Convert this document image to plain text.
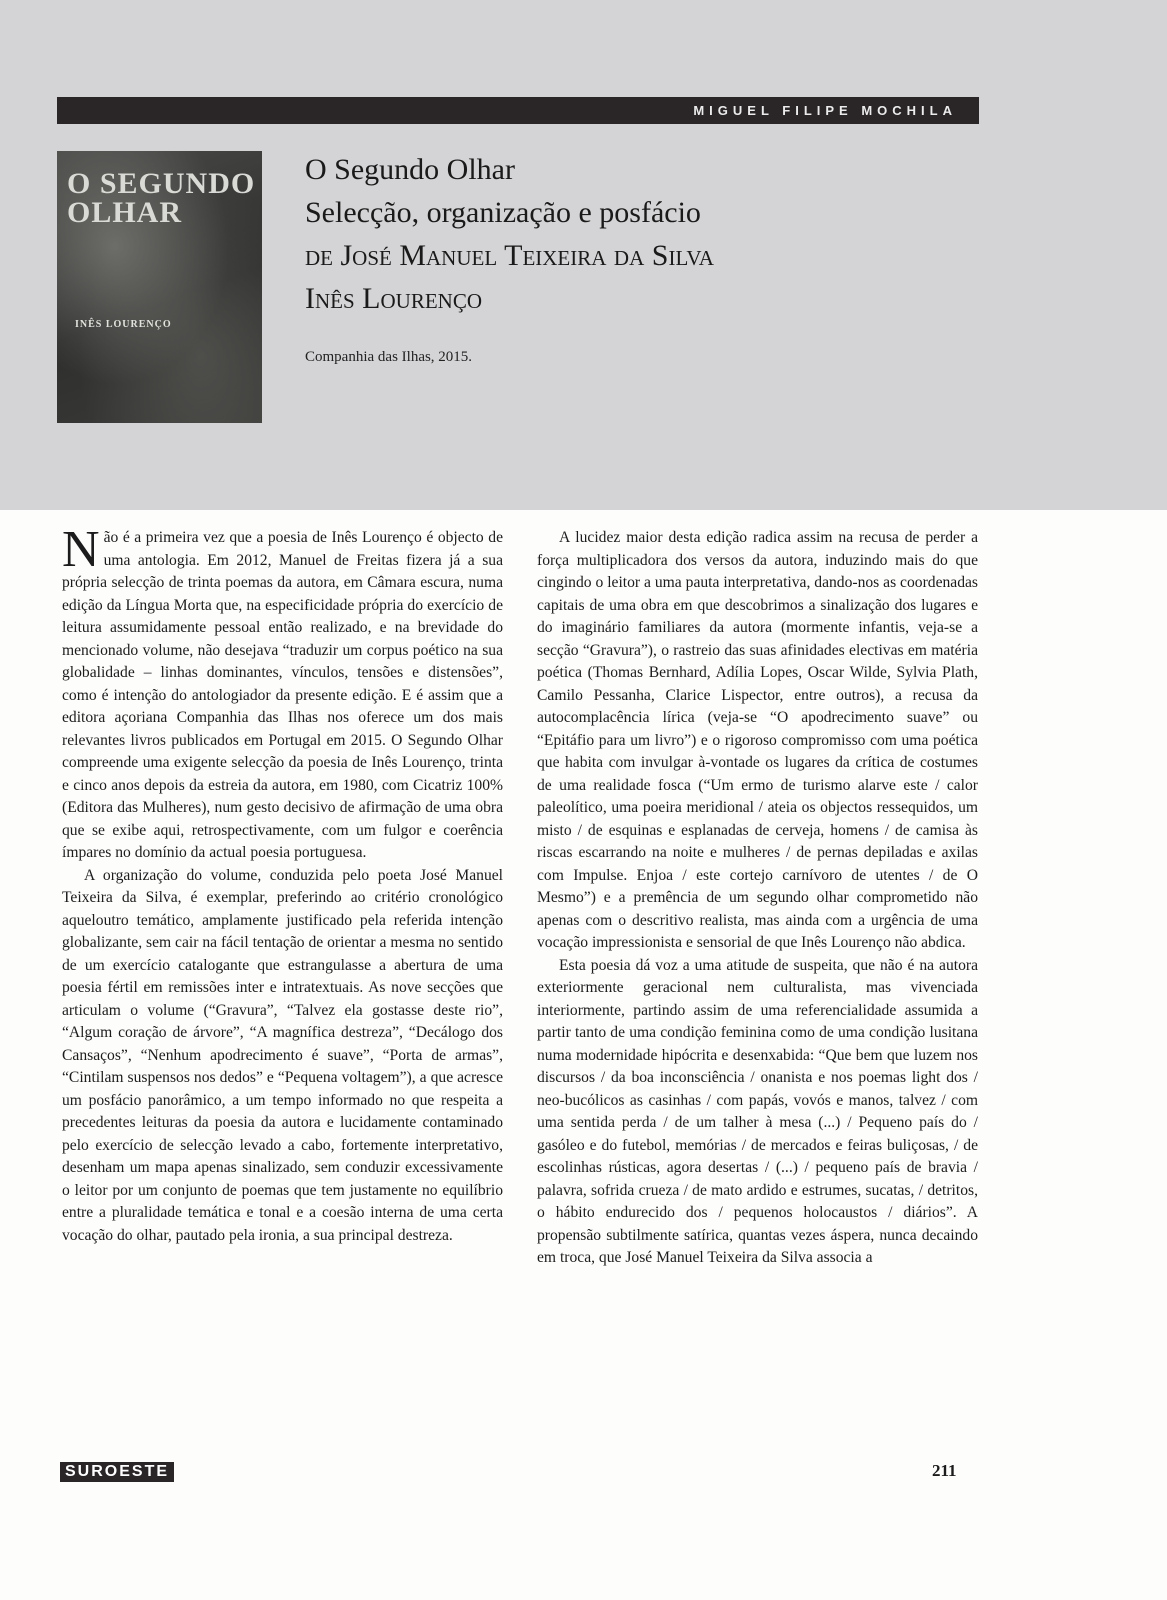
MIGUEL FILIPE MOCHILA
O SEGUNDO
OLHAR
INÊS LOURENÇO
O Segundo Olhar
Selecção, organização e posfácio
de José Manuel Teixeira da Silva
Inês Lourenço
Companhia das Ilhas, 2015.

Não é a primeira vez que a poesia de Inês Lourenço é objecto de uma antologia. Em 2012, Manuel de Freitas fizera já a sua própria selecção de trinta poemas da autora, em Câmara escura, numa edição da Língua Morta que, na especificidade própria do exercício de leitura assumidamente pessoal então realizado, e na brevidade do mencionado volume, não desejava “traduzir um corpus poético na sua globalidade – linhas dominantes, vínculos, tensões e distensões”, como é intenção do antologiador da presente edição. E é assim que a editora açoriana Companhia das Ilhas nos oferece um dos mais relevantes livros publicados em Portugal em 2015. O Segundo Olhar compreende uma exigente selecção da poesia de Inês Lourenço, trinta e cinco anos depois da estreia da autora, em 1980, com Cicatriz 100% (Editora das Mulheres), num gesto decisivo de afirmação de uma obra que se exibe aqui, retrospectivamente, com um fulgor e coerência ímpares no domínio da actual poesia portuguesa.

A organização do volume, conduzida pelo poeta José Manuel Teixeira da Silva, é exemplar, preferindo ao critério cronológico aqueloutro temático, amplamente justificado pela referida intenção globalizante, sem cair na fácil tentação de orientar a mesma no sentido de um exercício catalogante que estrangulasse a abertura de uma poesia fértil em remissões inter e intratextuais. As nove secções que articulam o volume (“Gravura”, “Talvez ela gostasse deste rio”, “Algum coração de árvore”, “A magnífica destreza”, “Decálogo dos Cansaços”, “Nenhum apodrecimento é suave”, “Porta de armas”, “Cintilam suspensos nos dedos” e “Pequena voltagem”), a que acresce um posfácio panorâmico, a um tempo informado no que respeita a precedentes leituras da poesia da autora e lucidamente contaminado pelo exercício de selecção levado a cabo, fortemente interpretativo, desenham um mapa apenas sinalizado, sem conduzir excessivamente o leitor por um conjunto de poemas que tem justamente no equilíbrio entre a pluralidade temática e tonal e a coesão interna de uma certa vocação do olhar, pautado pela ironia, a sua principal destreza.

A lucidez maior desta edição radica assim na recusa de perder a força multiplicadora dos versos da autora, induzindo mais do que cingindo o leitor a uma pauta interpretativa, dando-nos as coordenadas capitais de uma obra em que descobrimos a sinalização dos lugares e do imaginário familiares da autora (mormente infantis, veja-se a secção “Gravura”), o rastreio das suas afinidades electivas em matéria poética (Thomas Bernhard, Adília Lopes, Oscar Wilde, Sylvia Plath, Camilo Pessanha, Clarice Lispector, entre outros), a recusa da autocomplacência lírica (veja-se “O apodrecimento suave” ou “Epitáfio para um livro”) e o rigoroso compromisso com uma poética que habita com invulgar à-vontade os lugares da crítica de costumes de uma realidade fosca (“Um ermo de turismo alarve este / calor paleolítico, uma poeira meridional / ateia os objectos ressequidos, um misto / de esquinas e esplanadas de cerveja, homens / de camisa às riscas escarrando na noite e mulheres / de pernas depiladas e axilas com Impulse. Enjoa / este cortejo carnívoro de utentes / de O Mesmo”) e a premência de um segundo olhar comprometido não apenas com o descritivo realista, mas ainda com a urgência de uma vocação impressionista e sensorial de que Inês Lourenço não abdica.

Esta poesia dá voz a uma atitude de suspeita, que não é na autora exteriormente geracional nem culturalista, mas vivenciada interiormente, partindo assim de uma referencialidade assumida a partir tanto de uma condição feminina como de uma condição lusitana numa modernidade hipócrita e desenxabida: “Que bem que luzem nos discursos / da boa inconsciência / onanista e nos poemas light dos / neo-bucólicos as casinhas / com papás, vovós e manos, talvez / com uma sentida perda / de um talher à mesa (...) / Pequeno país do / gasóleo e do futebol, memórias / de mercados e feiras buliçosas, / de escolinhas rústicas, agora desertas / (...) / pequeno país de bravia / palavra, sofrida crueza / de mato ardido e estrumes, sucatas, / detritos, o hábito endurecido dos / pequenos holocaustos / diários”. A propensão subtilmente satírica, quantas vezes áspera, nunca decaindo em troca, que José Manuel Teixeira da Silva associa a

SUROESTE	211
